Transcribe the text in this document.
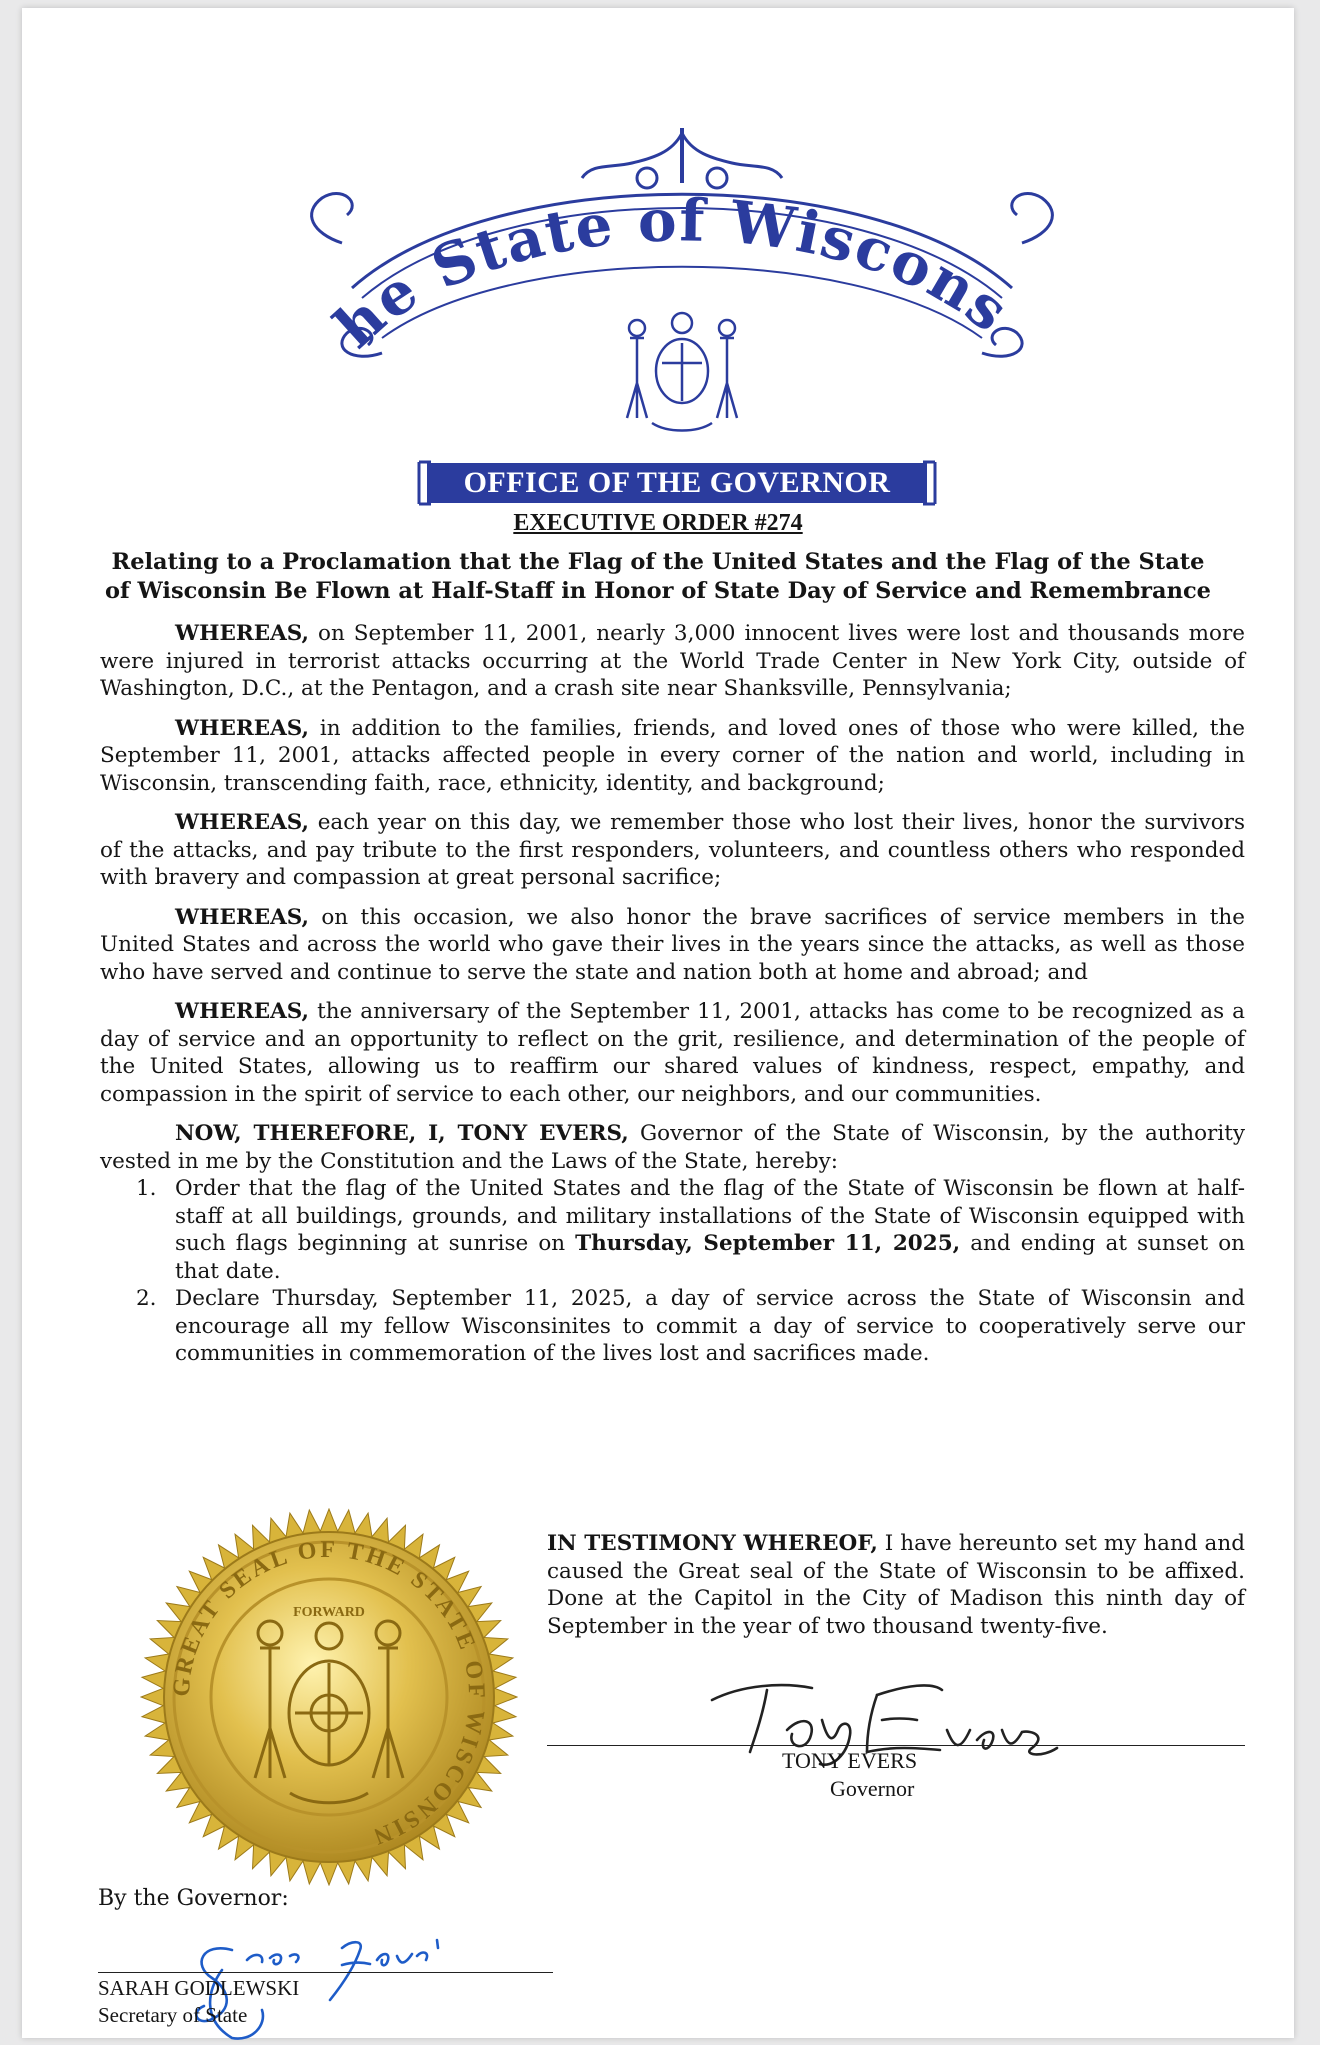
he State of Wiscons
OFFICE OF THE GOVERNOR
EXECUTIVE ORDER #274
Relating to a Proclamation that the Flag of the United States and the Flag of the State
of Wisconsin Be Flown at Half-Staff in Honor of State Day of Service and Remembrance

WHEREAS, on September 11, 2001, nearly 3,000 innocent lives were lost and thousands more were injured in terrorist attacks occurring at the World Trade Center in New York City, outside of Washington, D.C., at the Pentagon, and a crash site near Shanksville, Pennsylvania;

WHEREAS, in addition to the families, friends, and loved ones of those who were killed, the September 11, 2001, attacks affected people in every corner of the nation and world, including in Wisconsin, transcending faith, race, ethnicity, identity, and background;

WHEREAS, each year on this day, we remember those who lost their lives, honor the survivors of the attacks, and pay tribute to the first responders, volunteers, and countless others who responded with bravery and compassion at great personal sacrifice;

WHEREAS, on this occasion, we also honor the brave sacrifices of service members in the United States and across the world who gave their lives in the years since the attacks, as well as those who have served and continue to serve the state and nation both at home and abroad; and

WHEREAS, the anniversary of the September 11, 2001, attacks has come to be recognized as a day of service and an opportunity to reflect on the grit, resilience, and determination of the people of the United States, allowing us to reaffirm our shared values of kindness, respect, empathy, and compassion in the spirit of service to each other, our neighbors, and our communities.

NOW, THEREFORE, I, TONY EVERS, Governor of the State of Wisconsin, by the authority vested in me by the Constitution and the Laws of the State, hereby:

1. Order that the flag of the United States and the flag of the State of Wisconsin be flown at half-staff at all buildings, grounds, and military installations of the State of Wisconsin equipped with such flags beginning at sunrise on Thursday, September 11, 2025, and ending at sunset on that date.
2. Declare Thursday, September 11, 2025, a day of service across the State of Wisconsin and encourage all my fellow Wisconsinites to commit a day of service to cooperatively serve our communities in commemoration of the lives lost and sacrifices made.
GREAT SEAL OF THE STATE OF WISCONSIN
FORWARD
IN TESTIMONY WHEREOF, I have hereunto set my hand and caused the Great seal of the State of Wisconsin to be affixed. Done at the Capitol in the City of Madison this ninth day of September in the year of two thousand twenty-five.
Tony Evers
TONY EVERS
Governor
By the Governor:
Sarah Godlewski
SARAH GODLEWSKI
Secretary of State
